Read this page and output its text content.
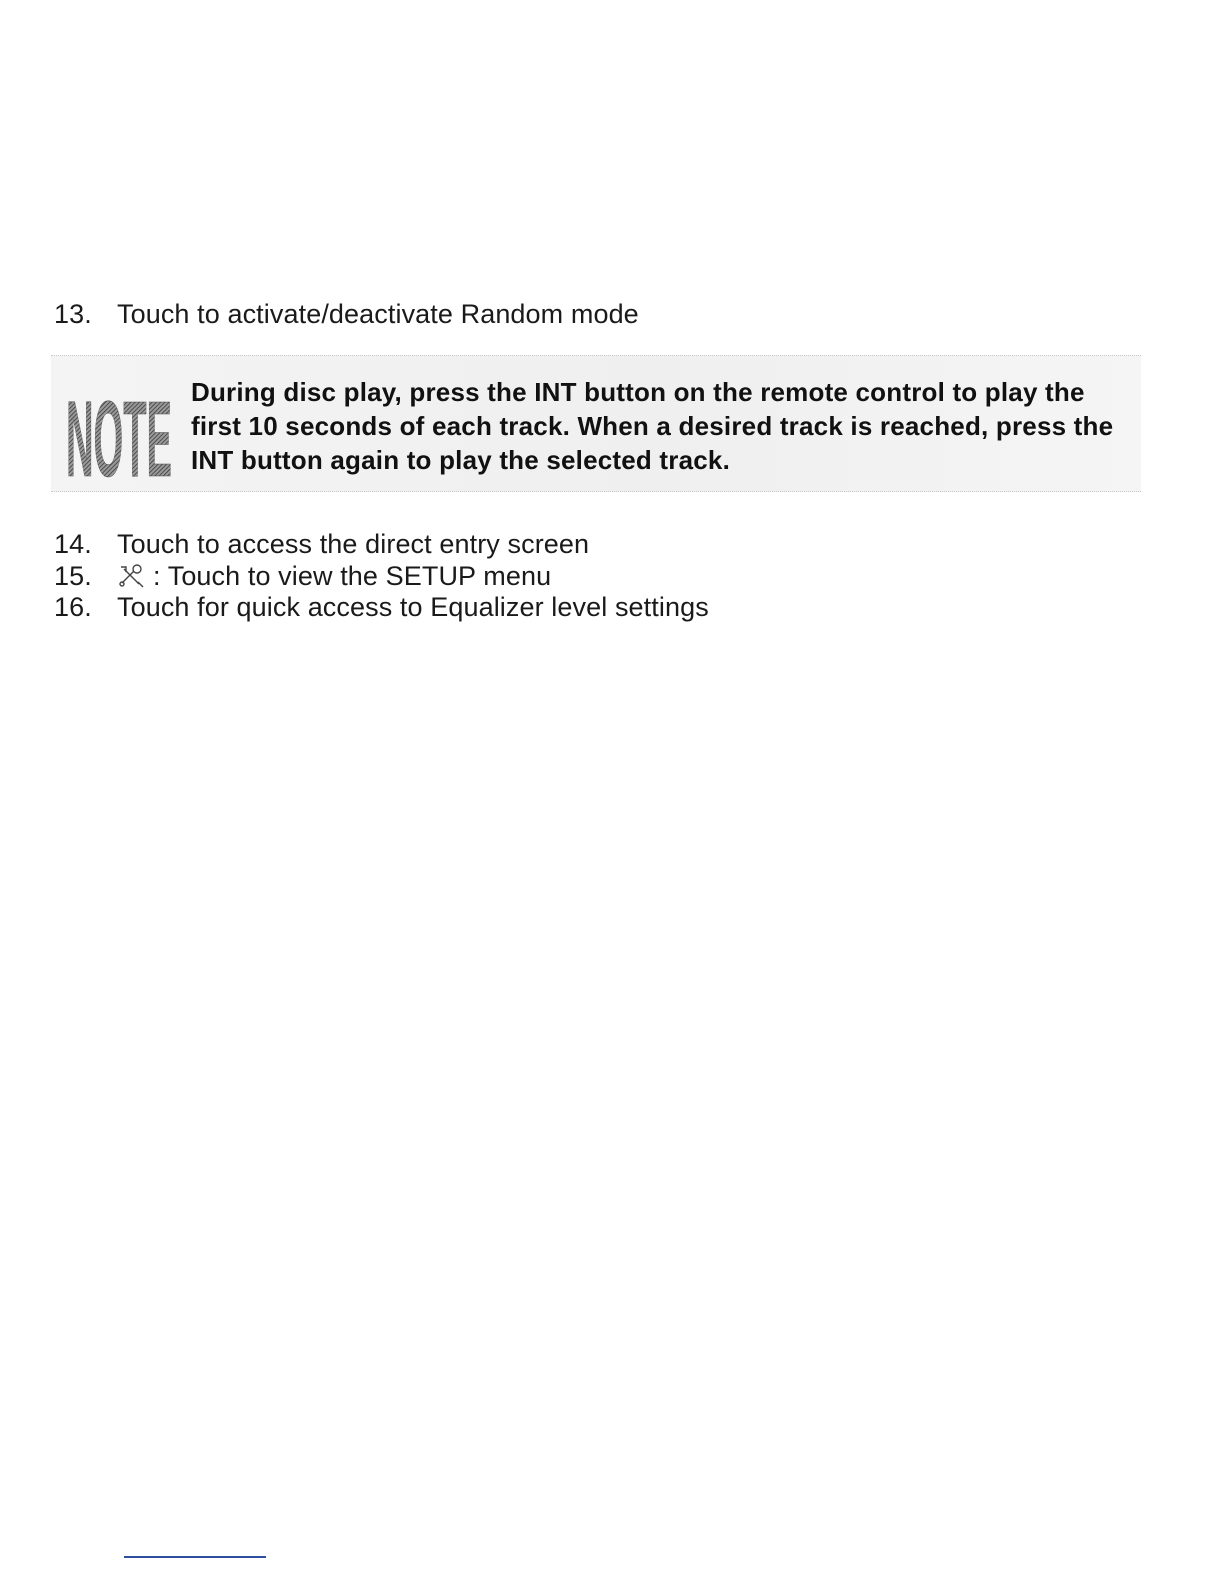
13. Touch to activate/deactivate Random mode
NOTE During disc play, press the INT button on the remote control to play the first 10 seconds of each track. When a desired track is reached, press the INT button again to play the selected track.
14. Touch to access the direct entry screen
15. : Touch to view the SETUP menu
16. Touch for quick access to Equalizer level settings
